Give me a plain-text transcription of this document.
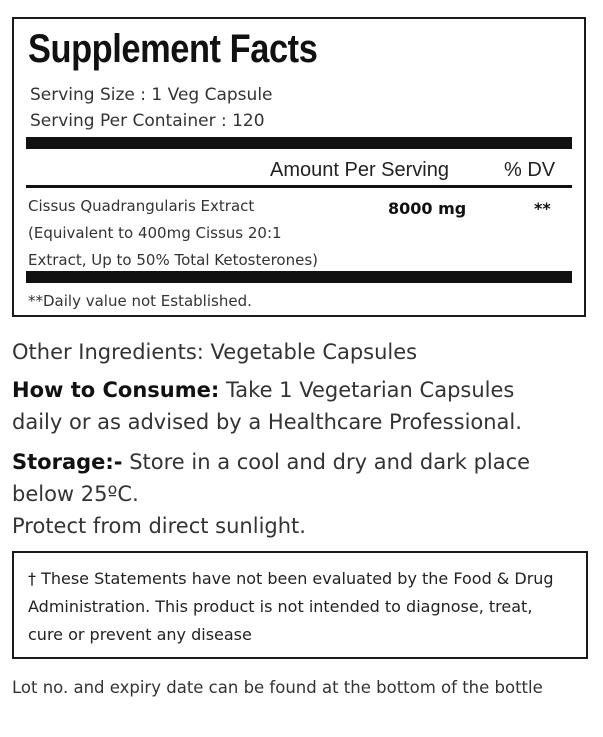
Supplement Facts
Serving Size : 1 Veg Capsule
Serving Per Container : 120
Amount Per Serving	% DV
Cissus Quadrangularis Extract
(Equivalent to 400mg Cissus 20:1
Extract, Up to 50% Total Ketosterones)
8000 mg	**
**Daily value not Established.
Other Ingredients: Vegetable Capsules
How to Consume: Take 1 Vegetarian Capsules
daily or as advised by a Healthcare Professional.
Storage:- Store in a cool and dry and dark place
below 25ºC.
Protect from direct sunlight.
† These Statements have not been evaluated by the Food & Drug
Administration. This product is not intended to diagnose, treat,
cure or prevent any disease
Lot no. and expiry date can be found at the bottom of the bottle
